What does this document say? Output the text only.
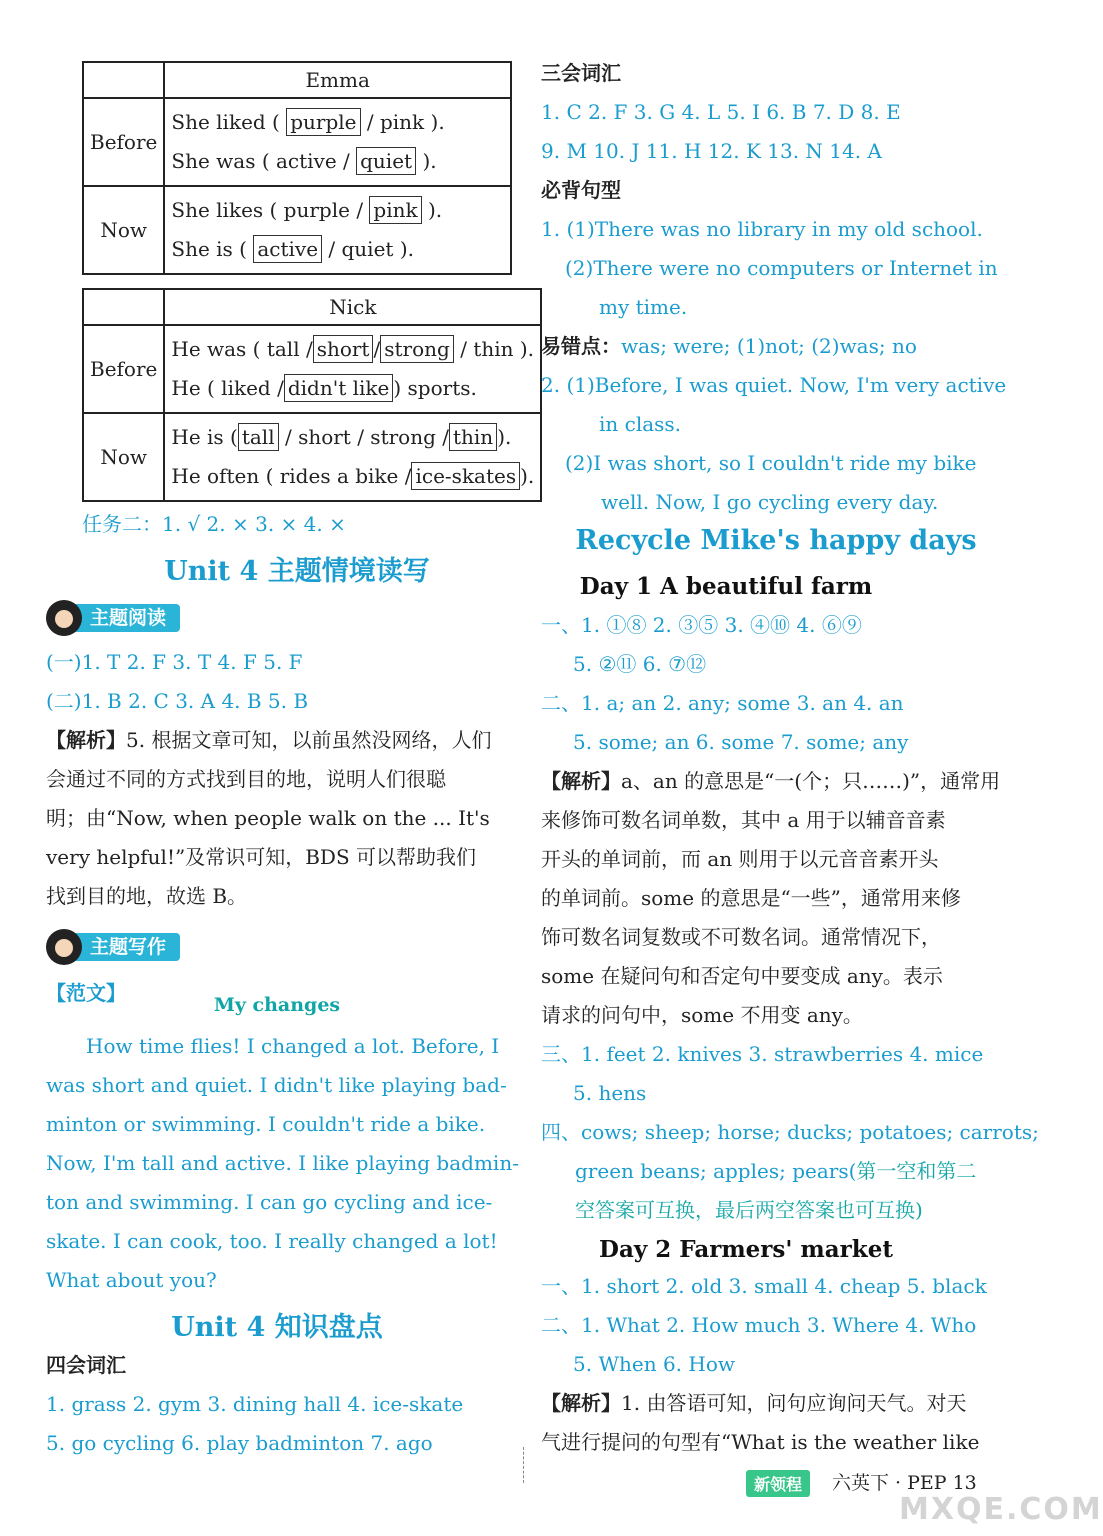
	Emma
Before	She liked ( purple / pink ).
She was ( active / quiet ).

Now	She likes ( purple / pink ).
She is ( active / quiet ).
	Nick
Before	He was ( tall / short / strong / thin ).
He ( liked / didn't like ) sports.

Now	He is ( tall / short / strong / thin ).
He often ( rides a bike / ice-skates ).
任务二：1. √ 2. × 3. × 4. ×
Unit 4 主题情境读写
主题阅读
(一)1. T 2. F 3. T 4. F 5. F
(二)1. B 2. C 3. A 4. B 5. B
【解析】5. 根据文章可知，以前虽然没网络，人们
会通过不同的方式找到目的地，说明人们很聪
明；由“Now, when people walk on the ... It's
very helpful!”及常识可知，BDS 可以帮助我们
找到目的地，故选 B。
主题写作
【范文】	My changes
How time flies! I changed a lot. Before, I
was short and quiet. I didn't like playing bad-
minton or swimming. I couldn't ride a bike.
Now, I'm tall and active. I like playing badmin-
ton and swimming. I can go cycling and ice-
skate. I can cook, too. I really changed a lot!
What about you?
Unit 4 知识盘点
四会词汇
1. grass 2. gym 3. dining hall 4. ice-skate
5. go cycling 6. play badminton 7. ago
三会词汇
1. C 2. F 3. G 4. L 5. I 6. B 7. D 8. E
9. M 10. J 11. H 12. K 13. N 14. A
必背句型
1. (1)There was no library in my old school.
(2)There were no computers or Internet in
my time.
易错点：was; were; (1)not; (2)was; no
2. (1)Before, I was quiet. Now, I'm very active
in class.
(2)I was short, so I couldn't ride my bike
well. Now, I go cycling every day.
Recycle Mike's happy days
Day 1 A beautiful farm
一、1. ①⑧ 2. ③⑤ 3. ④⑩ 4. ⑥⑨
5. ②⑪ 6. ⑦⑫
二、1. a; an 2. any; some 3. an 4. an
5. some; an 6. some 7. some; any
【解析】a、an 的意思是“一(个；只……)”，通常用
来修饰可数名词单数，其中 a 用于以辅音音素
开头的单词前，而 an 则用于以元音音素开头
的单词前。some 的意思是“一些”，通常用来修
饰可数名词复数或不可数名词。通常情况下，
some 在疑问句和否定句中要变成 any。表示
请求的问句中，some 不用变 any。
三、1. feet 2. knives 3. strawberries 4. mice
5. hens
四、cows; sheep; horse; ducks; potatoes; carrots;
green beans; apples; pears(第一空和第二
空答案可互换，最后两空答案也可互换)
Day 2 Farmers' market
一、1. short 2. old 3. small 4. cheap 5. black
二、1. What 2. How much 3. Where 4. Who
5. When 6. How
【解析】1. 由答语可知，问句应询问天气。对天
气进行提问的句型有“What is the weather like
新领程	六英下 · PEP 13
MXQE.COM
